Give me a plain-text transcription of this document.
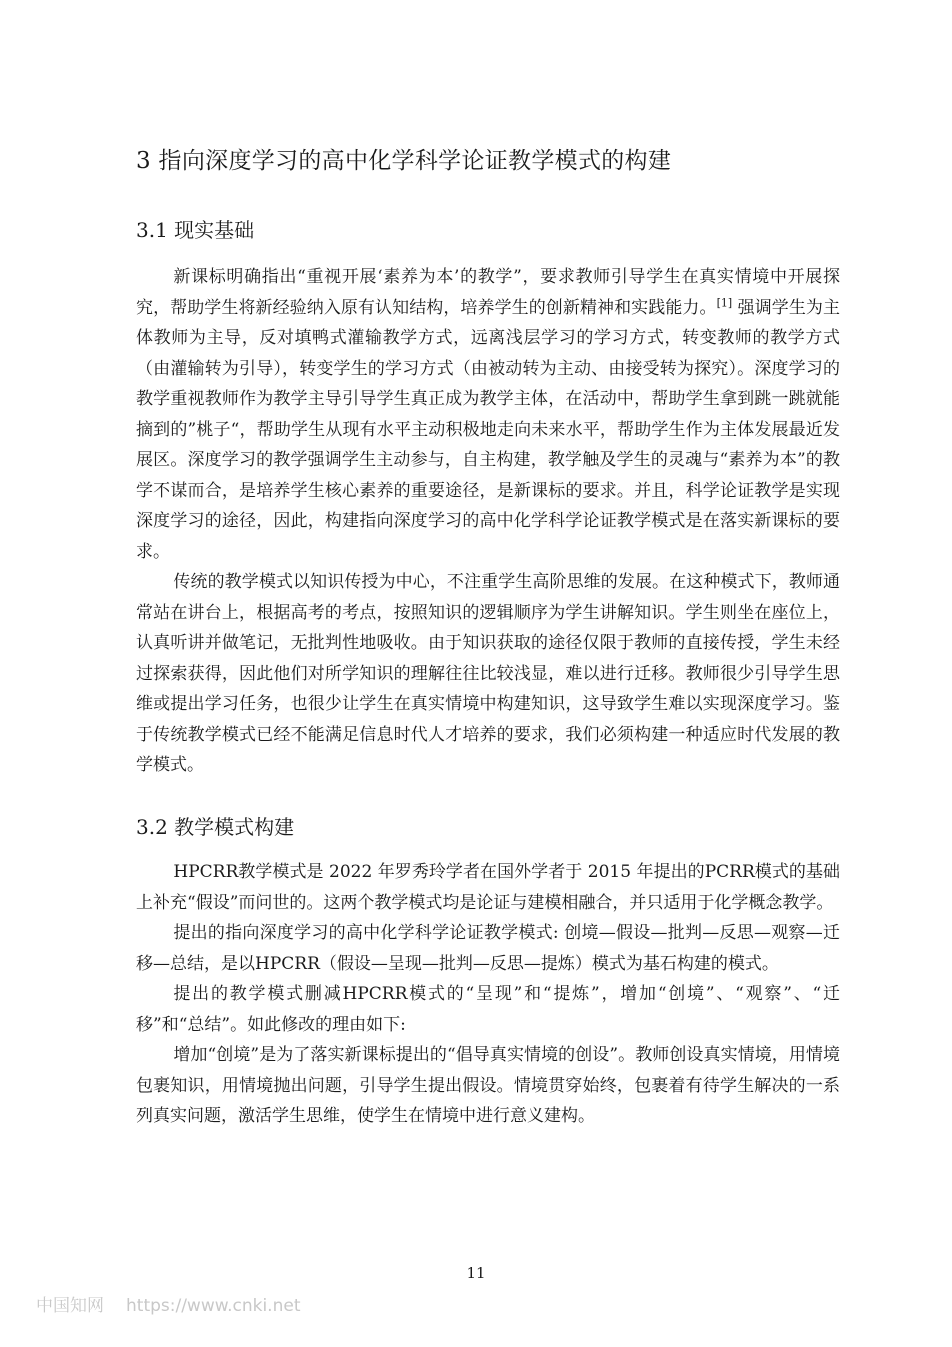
3 指向深度学习的高中化学科学论证教学模式的构建
3.1 现实基础

新课标明确指出“重视开展‘素养为本’的教学”，要求教师引导学生在真实情境中开展探究，帮助学生将新经验纳入原有认知结构，培养学生的创新精神和实践能力。[1] 强调学生为主体教师为主导，反对填鸭式灌输教学方式，远离浅层学习的学习方式，转变教师的教学方式（由灌输转为引导），转变学生的学习方式（由被动转为主动、由接受转为探究）。深度学习的教学重视教师作为教学主导引导学生真正成为教学主体，在活动中，帮助学生拿到跳一跳就能摘到的”桃子“，帮助学生从现有水平主动积极地走向未来水平，帮助学生作为主体发展最近发展区。深度学习的教学强调学生主动参与，自主构建，教学触及学生的灵魂与“素养为本”的教学不谋而合，是培养学生核心素养的重要途径，是新课标的要求。并且，科学论证教学是实现深度学习的途径，因此，构建指向深度学习的高中化学科学论证教学模式是在落实新课标的要求。

传统的教学模式以知识传授为中心，不注重学生高阶思维的发展。在这种模式下，教师通常站在讲台上，根据高考的考点，按照知识的逻辑顺序为学生讲解知识。学生则坐在座位上，认真听讲并做笔记，无批判性地吸收。由于知识获取的途径仅限于教师的直接传授，学生未经过探索获得，因此他们对所学知识的理解往往比较浅显，难以进行迁移。教师很少引导学生思维或提出学习任务，也很少让学生在真实情境中构建知识，这导致学生难以实现深度学习。鉴于传统教学模式已经不能满足信息时代人才培养的要求，我们必须构建一种适应时代发展的教学模式。

3.2 教学模式构建

HPCRR教学模式是 2022 年罗秀玲学者在国外学者于 2015 年提出的PCRR模式的基础上补充“假设”而问世的。这两个教学模式均是论证与建模相融合，并只适用于化学概念教学。

提出的指向深度学习的高中化学科学论证教学模式: 创境—假设—批判—反思—观察—迁移—总结，是以HPCRR（假设—呈现—批判—反思—提炼）模式为基石构建的模式。

提出的教学模式删减HPCRR模式的“呈现”和“提炼”，增加“创境”、“观察”、“迁移”和“总结”。如此修改的理由如下:

增加“创境”是为了落实新课标提出的“倡导真实情境的创设”。教师创设真实情境，用情境包裹知识，用情境抛出问题，引导学生提出假设。情境贯穿始终，包裹着有待学生解决的一系列真实问题，激活学生思维，使学生在情境中进行意义建构。

11
中国知网 https://www.cnki.net
